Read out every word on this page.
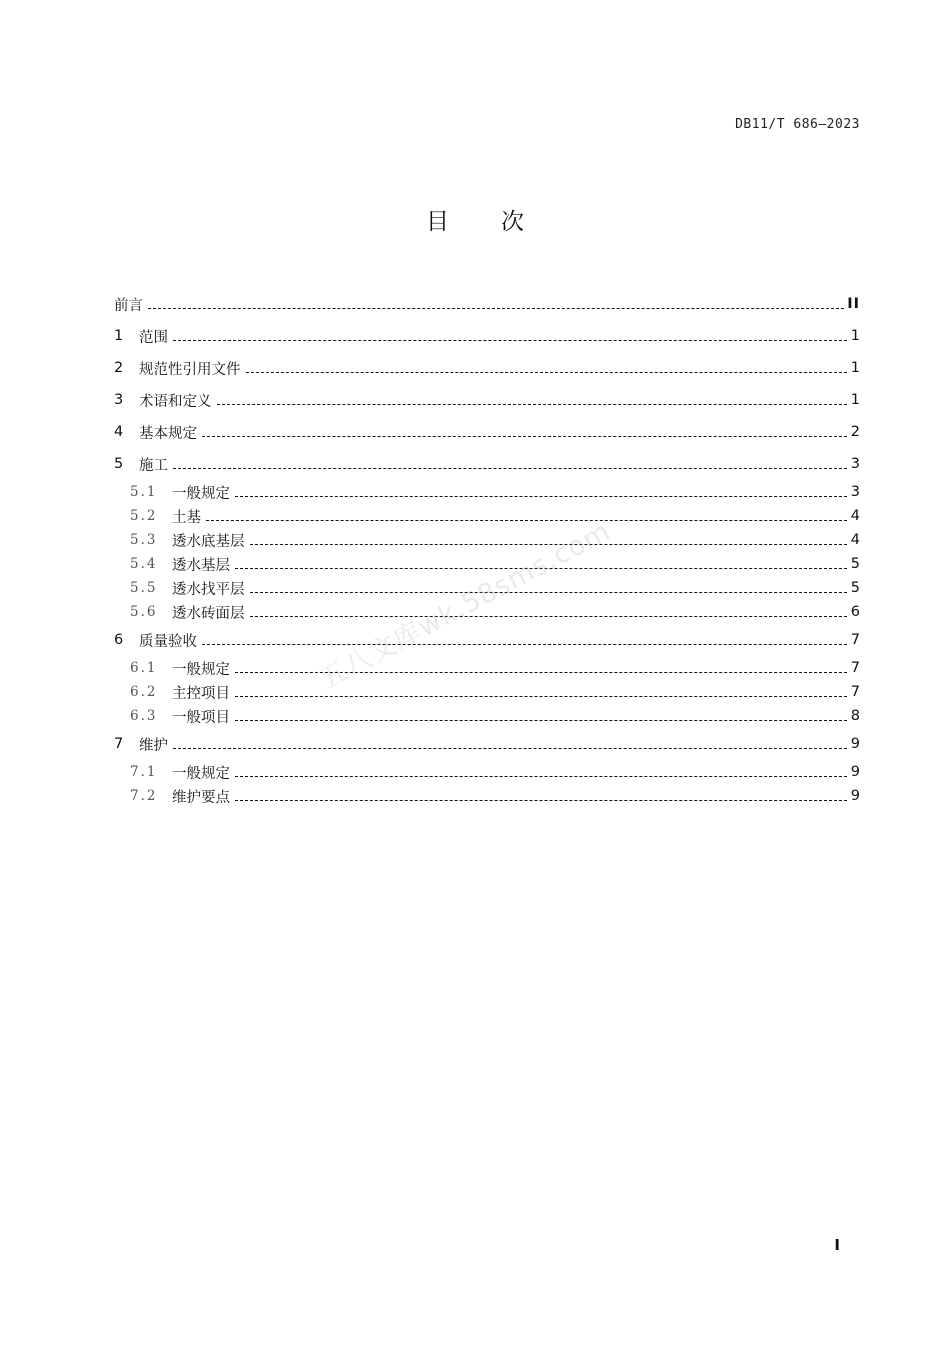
DB11/T 686—2023
目 次
前言	II
1	范围	1
2	规范性引用文件	1
3	术语和定义	1
4	基本规定	2
5	施工	3
5.1	一般规定	3
5.2	土基	4
5.3	透水底基层	4
5.4	透水基层	5
5.5	透水找平层	5
5.6	透水砖面层	6
6	质量验收	7
6.1	一般规定	7
6.2	主控项目	7
6.3	一般项目	8
7	维护	9
7.1	一般规定	9
7.2	维护要点	9
五八文库wk.58sms.com
I
